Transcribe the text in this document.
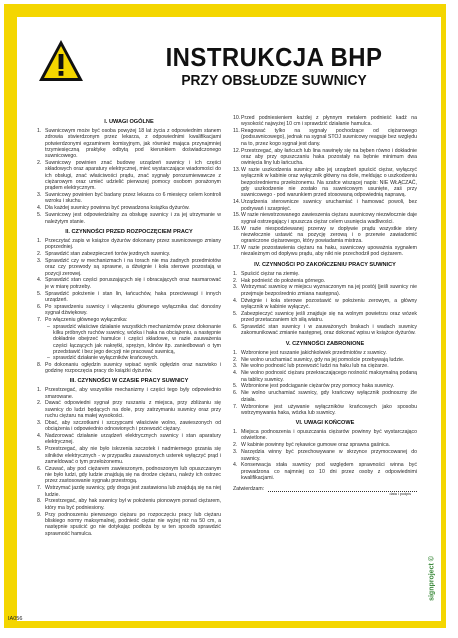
INSTRUKCJA BHP
PRZY OBSŁUDZE SUWNICY
I. UWAGI OGÓLNE
1. Suwnicowym może być osoba powyżej 18 lat życia z odpowiednim stanem zdrowia stwierdzonym przez lekarza, z odpowiednimi kwalifikacjami potwierdzonymi egzaminem komisyjnym, jak również mająca przynajmniej trzymiesięczną praktykę odbytą pod kierunkiem doświadczonego suwnicowego.
2. Suwnicowy powinien znać budowę urządzeń suwnicy i ich części składowych oraz aparatury elektrycznej, mieć wystarczające wiadomości do ich obsługi, znać właściwości prądu, znać sygnały porozumiewawcze z ciężarowym oraz umieć udzielić pierwszej pomocy osobom porażonym prądem elektrycznym.
3. Suwnicowy powinien być badany przez lekarza co 6 miesięcy celem kontroli wzroku i słuchu.
4. Dla każdej suwnicy powinna być prowadzona książka dyżurów.
5. Suwnicowy jest odpowiedzialny za obsługę suwnicy i za jej utrzymanie w należytym stanie.
II. CZYNNOŚCI PRZED ROZPOCZĘCIEM PRACY
1. Przeczytać zapis w książce dyżurów dokonany przez suwnicowego zmiany poprzedniej.
2. Sprawdzić stan zabezpieczeń torów jezdnych suwnicy.
3. Sprawdzić czy w mechanizmach i na torach nie ma żadnych przedmiotów oraz czy przewody są sprawne, a dźwignie i koła sterowe pozostają w pozycji zerowej.
4. Sprawdzić stan części poruszających się i obracających oraz nasmarować je w miarę potrzeby.
5. Sprawdzić położenie i stan lin, łańcuchów, haka przeciwwagi i innych urządzeń.
6. Po sprawdzeniu suwnicy i włączeniu głównego wyłącznika dać donośny sygnał dźwiękowy.
7. Po włączeniu głównego wyłącznika:
– sprawdzić właściwe działanie wszystkich mechanizmów przez dokonanie kilku próbnych ruchów suwnicy, wózka i haka na obciążeniu, a następnie dokładnie obejrzeć hamulce i części składowe, w razie zauważenia części łączących jak nakrętki, sprężyn, klinów itp. zaniedbowań o tym przedstawić i bez jego decyzji nie pracować suwnicą,
– sprawdzić działanie wyłączników krańcowych.
8. Po dokonaniu ogłędzin suwnicy wpisać wynik ogłędzin oraz nazwisko i godzinę rozpoczęcia pracy do książki dyżurów.
III. CZYNNOŚCI W CZASIE PRACY SUWNICY
1. Przestrzegać, aby wszystkie mechanizmy i części tego były odpowiednio smarowane.
2. Dawać odpowiedni sygnał przy ruszaniu z miejsca, przy zbliżaniu się suwnicy do ludzi będących na dole, przy zatrzymaniu suwnicy oraz przy ruchu ciężaru na małej wysokości.
3. Dbać, aby szczotkami i szczypcami właściwie wolno, zawieszonych od obciążenia i odpowiednio odnowionych i przewozić ciężary.
4. Nadzorować działanie urządzeń elektrycznych suwnicy i stan aparatury elektrycznej.
5. Przestrzegać, aby nie było iskrzenia szczotek i nadmiernego grzania się silników elektrycznych - w przypadku zauważonych usterek wyłączyć prąd i zameldować o tym przełożonemu.
6. Czuwać, aby pod ciężarem zawieszonym, podnoszonym lub opuszczanym nie było ludzi, gdy ludzie znajdują się na drodze ciężaru, należy ich ostrzec przez zastosowanie sygnału przestrogą.
7. Wstrzymać jazdę suwnicy, gdy droga jest zastawiona lub znajdują się na niej ludzie.
8. Przestrzegać, aby hak suwnicy był w położeniu pionowym ponad ciężarem, który ma być podniesiony.
9. Przy podnoszeniu pierwszego ciężaru po rozpoczęciu pracy lub ciężaru bliskiego normy maksymalnej, podnieść ciężar nie wyżej niż na 50 cm, a następnie spuścić go nie dotykając podłoża by w ten sposób sprawdzić sprawność hamulca.
10. Przed podniesieniem każdej z płynnym metalem podnieść kadź na wysokość najwyżej 10 cm i sprawdzić działanie hamulca.
11. Reagować tylko na sygnały pochodzące od ciężarowego (podsuwnicowego), jednak na sygnał STOJ suwnicowy reaguje bez względu na to, przez kogo sygnał jest dany.
12. Przestrzegać, aby łańcuch lub lina nawinęły się na bęben równo i dokładnie oraz aby przy opuszczaniu haka pozostały na bębnie minimum dwa owinięcia liny lub łańcucha.
13. W razie uszkodzenia suwnicy albo jej urządzeń spuścić ciężar, wyłączyć wyłącznik w kabinie oraz wyłącznik główny na dole, meldując o uszkodzeniu bezpośredniemu przełożonemu. Na szafce wiszącej napis: NIE WŁĄCZAĆ, gdy uszkodzenie nie zostało na suwnicowym usunięte, zaś przy suwnicowego - pod warunkiem przed stosowaną odpowiednią naprawą.
14. Urządzenia sterownicze suwnicy uruchamiać i hamować powoli, bez podrywań i szarpnięć.
15. W razie niewstrzowanego zawieszenia ciężaru suwnicowy niezwłocznie daje sygnał ostrzegający i spuszcza ciężar celem usunięcia wadliwości.
16. W razie niespodziewanej przerwy w dopływie prądu wszystkie stery niezwłocznie ustawić na pozycję zerową i o przerwie zawiadomić ograniczone ciężarowego, który powiadamia mistrza.
17. W razie pozostawienia ciężaru na haku, suwnicowy upoważnia sygnałem niezależnym od dopływu prądu, aby nikt nie przechodził pod ciężarem.
IV. CZYNNOŚCI PO ZAKOŃCZENIU PRACY SUWNICY
1. Spuścić ciężar na ziemię.
2. Hak podnieść do położenia górnego.
3. Wstrzymać suwnicę w miejscu wyznaczonym na jej postój (jeśli suwnicy nie przejmuje bezpośrednio zmiana następna).
4. Dźwignie i koła sterowe pozostawić w położeniu zerowym, a główny wyłącznik w kabinie wyłączyć.
5. Zabezpieczyć suwnicę jeśli znajduje się na wolnym powietrzu oraz wózek przed przetaczaniem ich siłą wiatru.
6. Sprawdzić stan suwnicy i w zauważonych brakach i wadach suwnicy zakomunikować zmianie następnej, oraz dokonać wpisu w książce dyżurów.
V. CZYNNOŚCI ZABRONIONE
1. Wzbronione jest ruszanie jakichkolwiek przedmiotów z suwnicy.
2. Nie wolno uruchamiać suwnicy, gdy na jej pomoście przebywają ludzie.
3. Nie wolno podnosić lub przewozić ludzi na haku lub na ciężarze.
4. Nie wolno podnosić ciężaru przekraczającego nośność maksymalną podaną na tablicy suwnicy.
5. Wzbronione jest podciąganie ciężarów przy pomocy haka suwnicy.
6. Nie wolno uruchamiać suwnicy, gdy krańcowy wyłącznik podnoszny źle działa.
7. Wzbronione jest używanie wyłączników krańcowych jako sposobu wstrzymywania haka, wózka lub suwnicy.
VI. UWAGI KOŃCOWE
1. Miejsca podnoszenia i opuszczania ciężarów powinny być wystarczająco oświetlone.
2. W kabinie powinny być rękawice gumowe oraz sprawna gaśnica.
3. Narzędzia winny być przechowywane w skrzynce przymocowanej do suwnicy.
4. Konserwacja stała suwnicy pod względem sprawności winna być prowadzona co najmniej co 10 dni przez osoby z odpowiednimi kwalifikacjami.
Zatwierdzam:
data i podpis
signproject ©
IA056
